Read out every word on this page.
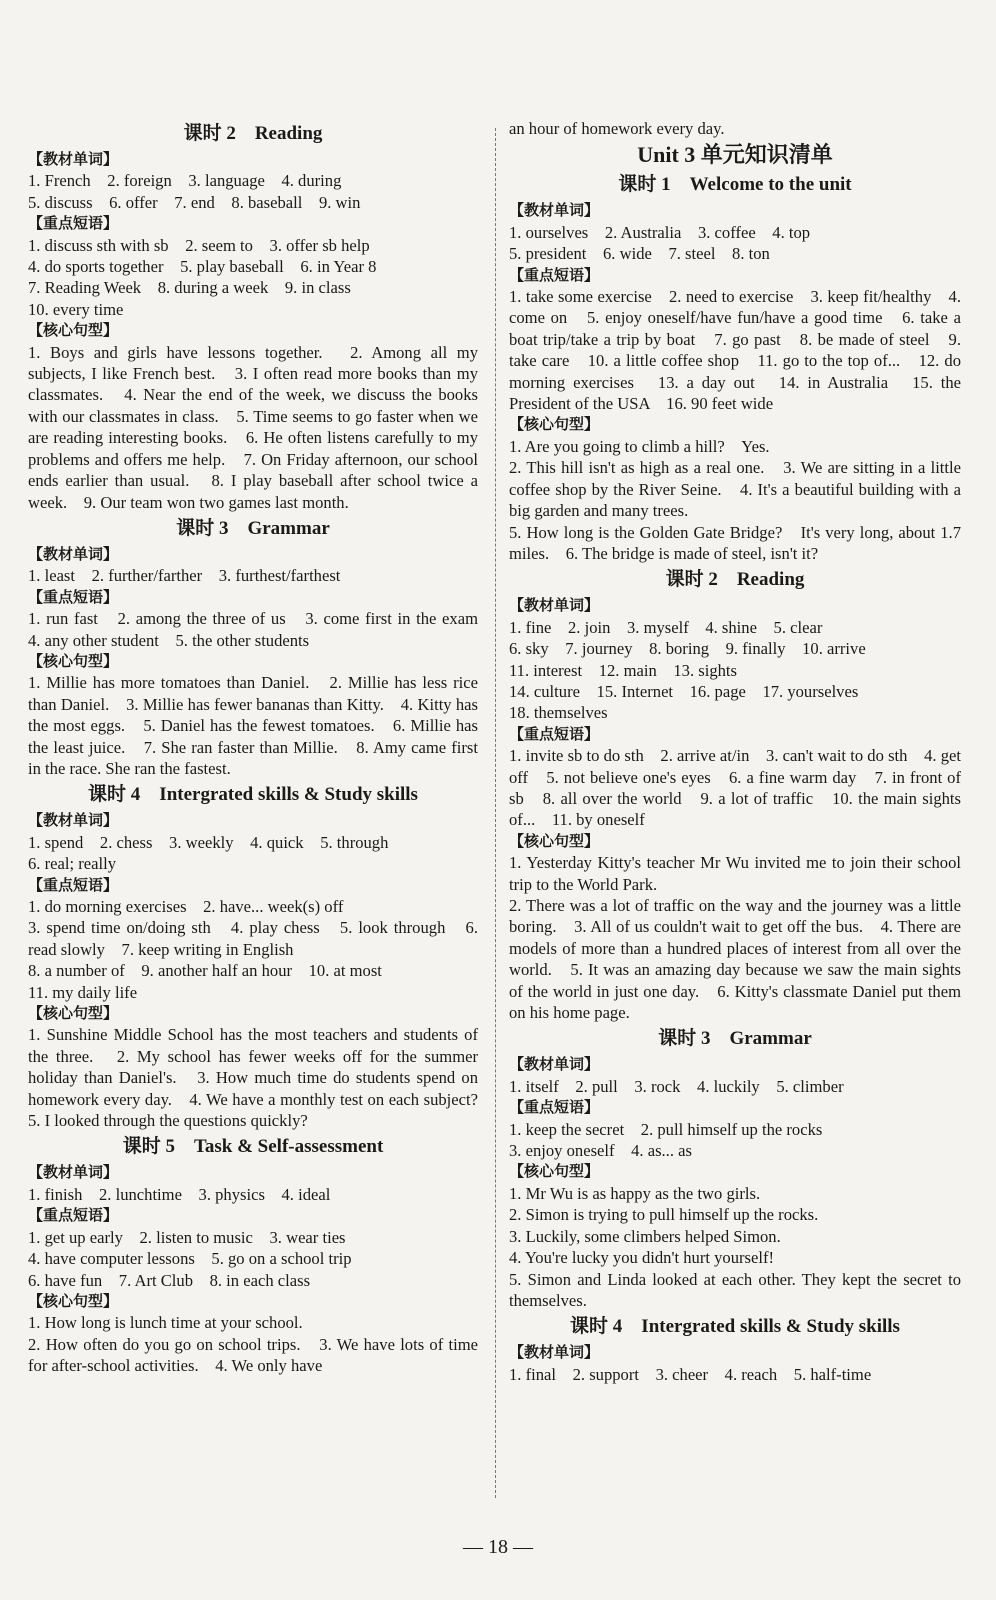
课时 2　Reading

【教材单词】

1. French　2. foreign　3. language　4. during

5. discuss　6. offer　7. end　8. baseball　9. win

【重点短语】

1. discuss sth with sb　2. seem to　3. offer sb help

4. do sports together　5. play baseball　6. in Year 8

7. Reading Week　8. during a week　9. in class

10. every time

【核心句型】

1. Boys and girls have lessons together.　2. Among all my subjects, I like French best.　3. I often read more books than my classmates.　4. Near the end of the week, we discuss the books with our classmates in class.　5. Time seems to go faster when we are reading interesting books.　6. He often listens carefully to my problems and offers me help.　7. On Friday afternoon, our school ends earlier than usual.　8. I play baseball after school twice a week.　9. Our team won two games last month.

课时 3　Grammar

【教材单词】

1. least　2. further/farther　3. furthest/farthest

【重点短语】

1. run fast　2. among the three of us　3. come first in the exam　4. any other student　5. the other students

【核心句型】

1. Millie has more tomatoes than Daniel.　2. Millie has less rice than Daniel.　3. Millie has fewer bananas than Kitty.　4. Kitty has the most eggs.　5. Daniel has the fewest tomatoes.　6. Millie has the least juice.　7. She ran faster than Millie.　8. Amy came first in the race. She ran the fastest.

课时 4　Intergrated skills & Study skills

【教材单词】

1. spend　2. chess　3. weekly　4. quick　5. through

6. real; really

【重点短语】

1. do morning exercises　2. have... week(s) off

3. spend time on/doing sth　4. play chess　5. look through　6. read slowly　7. keep writing in English

8. a number of　9. another half an hour　10. at most

11. my daily life

【核心句型】

1. Sunshine Middle School has the most teachers and students of the three.　2. My school has fewer weeks off for the summer holiday than Daniel's.　3. How much time do students spend on homework every day.　4. We have a monthly test on each subject?　5. I looked through the questions quickly?

课时 5　Task & Self-assessment

【教材单词】

1. finish　2. lunchtime　3. physics　4. ideal

【重点短语】

1. get up early　2. listen to music　3. wear ties

4. have computer lessons　5. go on a school trip

6. have fun　7. Art Club　8. in each class

【核心句型】

1. How long is lunch time at your school.

2. How often do you go on school trips.　3. We have lots of time for after-school activities.　4. We only have

an hour of homework every day.

Unit 3 单元知识清单
课时 1　Welcome to the unit

【教材单词】

1. ourselves　2. Australia　3. coffee　4. top

5. president　6. wide　7. steel　8. ton

【重点短语】

1. take some exercise　2. need to exercise　3. keep fit/healthy　4. come on　5. enjoy oneself/have fun/have a good time　6. take a boat trip/take a trip by boat　7. go past　8. be made of steel　9. take care　10. a little coffee shop　11. go to the top of...　12. do morning exercises　13. a day out　14. in Australia　15. the President of the USA　16. 90 feet wide

【核心句型】

1. Are you going to climb a hill?　Yes.

2. This hill isn't as high as a real one.　3. We are sitting in a little coffee shop by the River Seine.　4. It's a beautiful building with a big garden and many trees.

5. How long is the Golden Gate Bridge?　It's very long, about 1.7 miles.　6. The bridge is made of steel, isn't it?

课时 2　Reading

【教材单词】

1. fine　2. join　3. myself　4. shine　5. clear

6. sky　7. journey　8. boring　9. finally　10. arrive

11. interest　12. main　13. sights

14. culture　15. Internet　16. page　17. yourselves

18. themselves

【重点短语】

1. invite sb to do sth　2. arrive at/in　3. can't wait to do sth　4. get off　5. not believe one's eyes　6. a fine warm day　7. in front of sb　8. all over the world　9. a lot of traffic　10. the main sights of...　11. by oneself

【核心句型】

1. Yesterday Kitty's teacher Mr Wu invited me to join their school trip to the World Park.

2. There was a lot of traffic on the way and the journey was a little boring.　3. All of us couldn't wait to get off the bus.　4. There are models of more than a hundred places of interest from all over the world.　5. It was an amazing day because we saw the main sights of the world in just one day.　6. Kitty's classmate Daniel put them on his home page.

课时 3　Grammar

【教材单词】

1. itself　2. pull　3. rock　4. luckily　5. climber

【重点短语】

1. keep the secret　2. pull himself up the rocks

3. enjoy oneself　4. as... as

【核心句型】

1. Mr Wu is as happy as the two girls.

2. Simon is trying to pull himself up the rocks.

3. Luckily, some climbers helped Simon.

4. You're lucky you didn't hurt yourself!

5. Simon and Linda looked at each other. They kept the secret to themselves.

课时 4　Intergrated skills & Study skills

【教材单词】

1. final　2. support　3. cheer　4. reach　5. half-time

— 18 —
